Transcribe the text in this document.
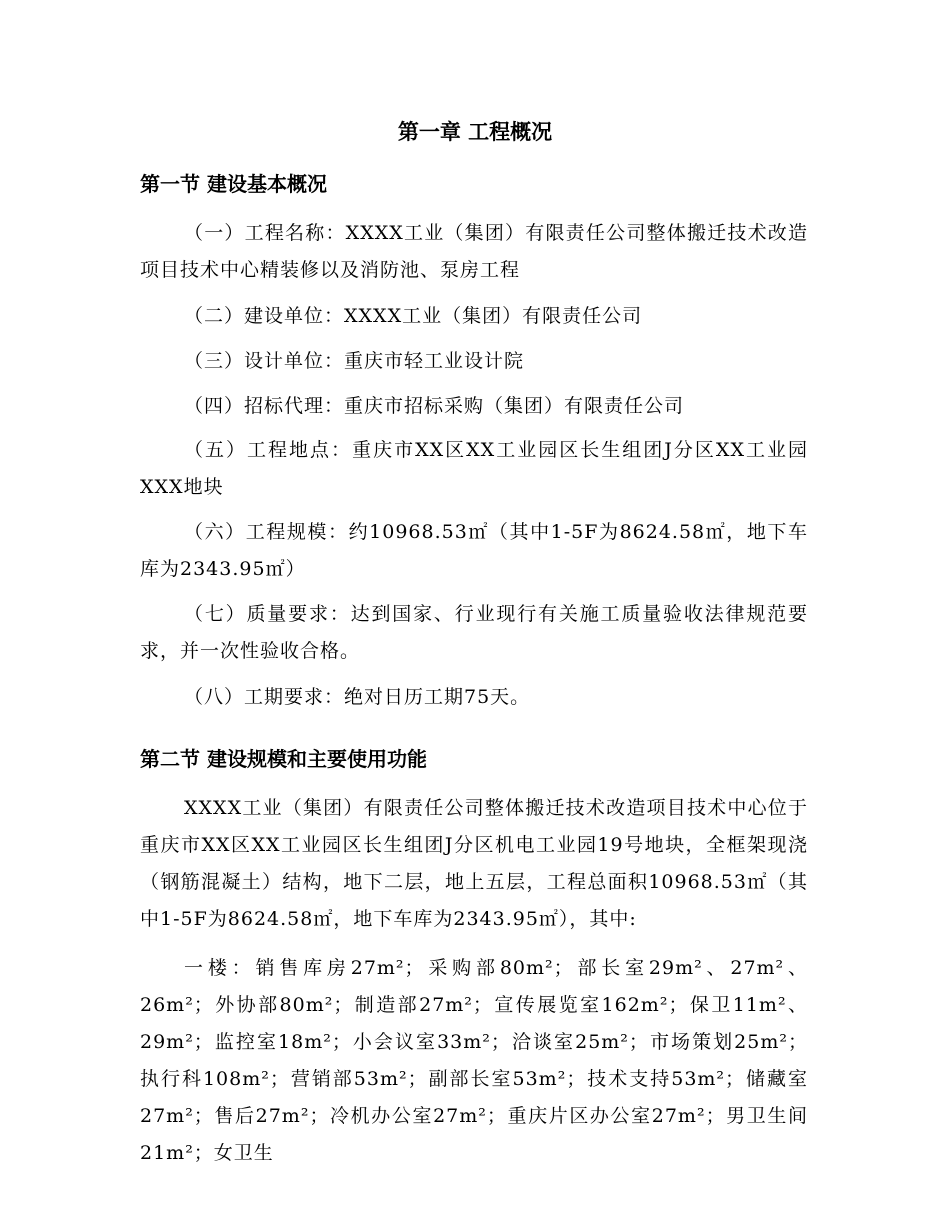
第一章 工程概况
第一节 建设基本概况

（一）工程名称：XXXX工业（集团）有限责任公司整体搬迁技术改造项目技术中心精装修以及消防池、泵房工程

（二）建设单位：XXXX工业（集团）有限责任公司

（三）设计单位：重庆市轻工业设计院

（四）招标代理：重庆市招标采购（集团）有限责任公司

（五）工程地点：重庆市XX区XX工业园区长生组团J分区XX工业园XXX地块

（六）工程规模：约10968.53㎡（其中1-5F为8624.58㎡，地下车库为2343.95㎡）

（七）质量要求：达到国家、行业现行有关施工质量验收法律规范要求，并一次性验收合格。

（八）工期要求：绝对日历工期75天。

第二节 建设规模和主要使用功能

XXXX工业（集团）有限责任公司整体搬迁技术改造项目技术中心位于重庆市XX区XX工业园区长生组团J分区机电工业园19号地块，全框架现浇（钢筋混凝土）结构，地下二层，地上五层，工程总面积10968.53㎡（其中1-5F为8624.58㎡，地下车库为2343.95㎡），其中:

一楼：销售库房27m²；采购部80m²；部长室29m²、27m²、26m²；外协部80m²；制造部27m²；宣传展览室162m²；保卫11m²、29m²；监控室18m²；小会议室33m²；洽谈室25m²；市场策划25m²；执行科108m²；营销部53m²；副部长室53m²；技术支持53m²；储藏室27m²；售后27m²；冷机办公室27m²；重庆片区办公室27m²；男卫生间21m²；女卫生
